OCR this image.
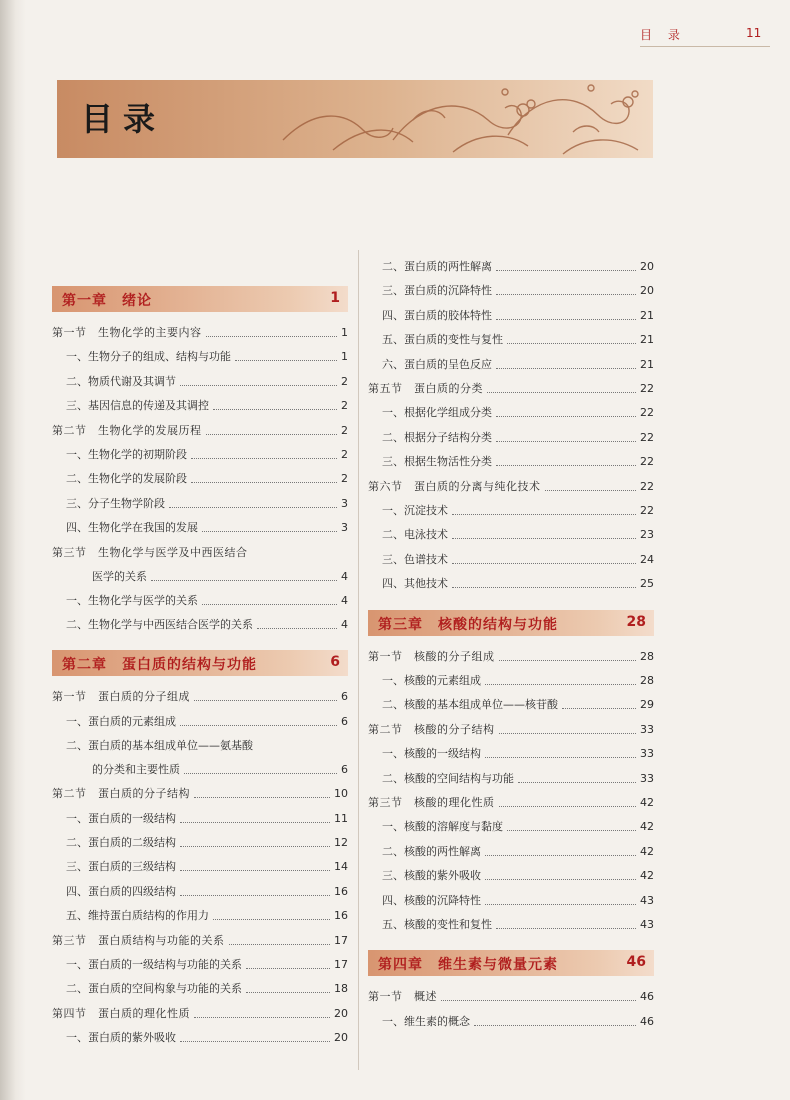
目 录	11
目录
第一章　绪论	1
第一节　生物化学的主要内容	1
一、生物分子的组成、结构与功能	1
二、物质代谢及其调节	2
三、基因信息的传递及其调控	2
第二节　生物化学的发展历程	2
一、生物化学的初期阶段	2
二、生物化学的发展阶段	2
三、分子生物学阶段	3
四、生物化学在我国的发展	3
第三节　生物化学与医学及中西医结合
医学的关系	4
一、生物化学与医学的关系	4
二、生物化学与中西医结合医学的关系	4
第二章　蛋白质的结构与功能	6
第一节　蛋白质的分子组成	6
一、蛋白质的元素组成	6
二、蛋白质的基本组成单位——氨基酸
的分类和主要性质	6
第二节　蛋白质的分子结构	10
一、蛋白质的一级结构	11
二、蛋白质的二级结构	12
三、蛋白质的三级结构	14
四、蛋白质的四级结构	16
五、维持蛋白质结构的作用力	16
第三节　蛋白质结构与功能的关系	17
一、蛋白质的一级结构与功能的关系	17
二、蛋白质的空间构象与功能的关系	18
第四节　蛋白质的理化性质	20
一、蛋白质的紫外吸收	20
二、蛋白质的两性解离	20
三、蛋白质的沉降特性	20
四、蛋白质的胶体特性	21
五、蛋白质的变性与复性	21
六、蛋白质的呈色反应	21
第五节　蛋白质的分类	22
一、根据化学组成分类	22
二、根据分子结构分类	22
三、根据生物活性分类	22
第六节　蛋白质的分离与纯化技术	22
一、沉淀技术	22
二、电泳技术	23
三、色谱技术	24
四、其他技术	25
第三章　核酸的结构与功能	28
第一节　核酸的分子组成	28
一、核酸的元素组成	28
二、核酸的基本组成单位——核苷酸	29
第二节　核酸的分子结构	33
一、核酸的一级结构	33
二、核酸的空间结构与功能	33
第三节　核酸的理化性质	42
一、核酸的溶解度与黏度	42
二、核酸的两性解离	42
三、核酸的紫外吸收	42
四、核酸的沉降特性	43
五、核酸的变性和复性	43
第四章　维生素与微量元素	46
第一节　概述	46
一、维生素的概念	46
